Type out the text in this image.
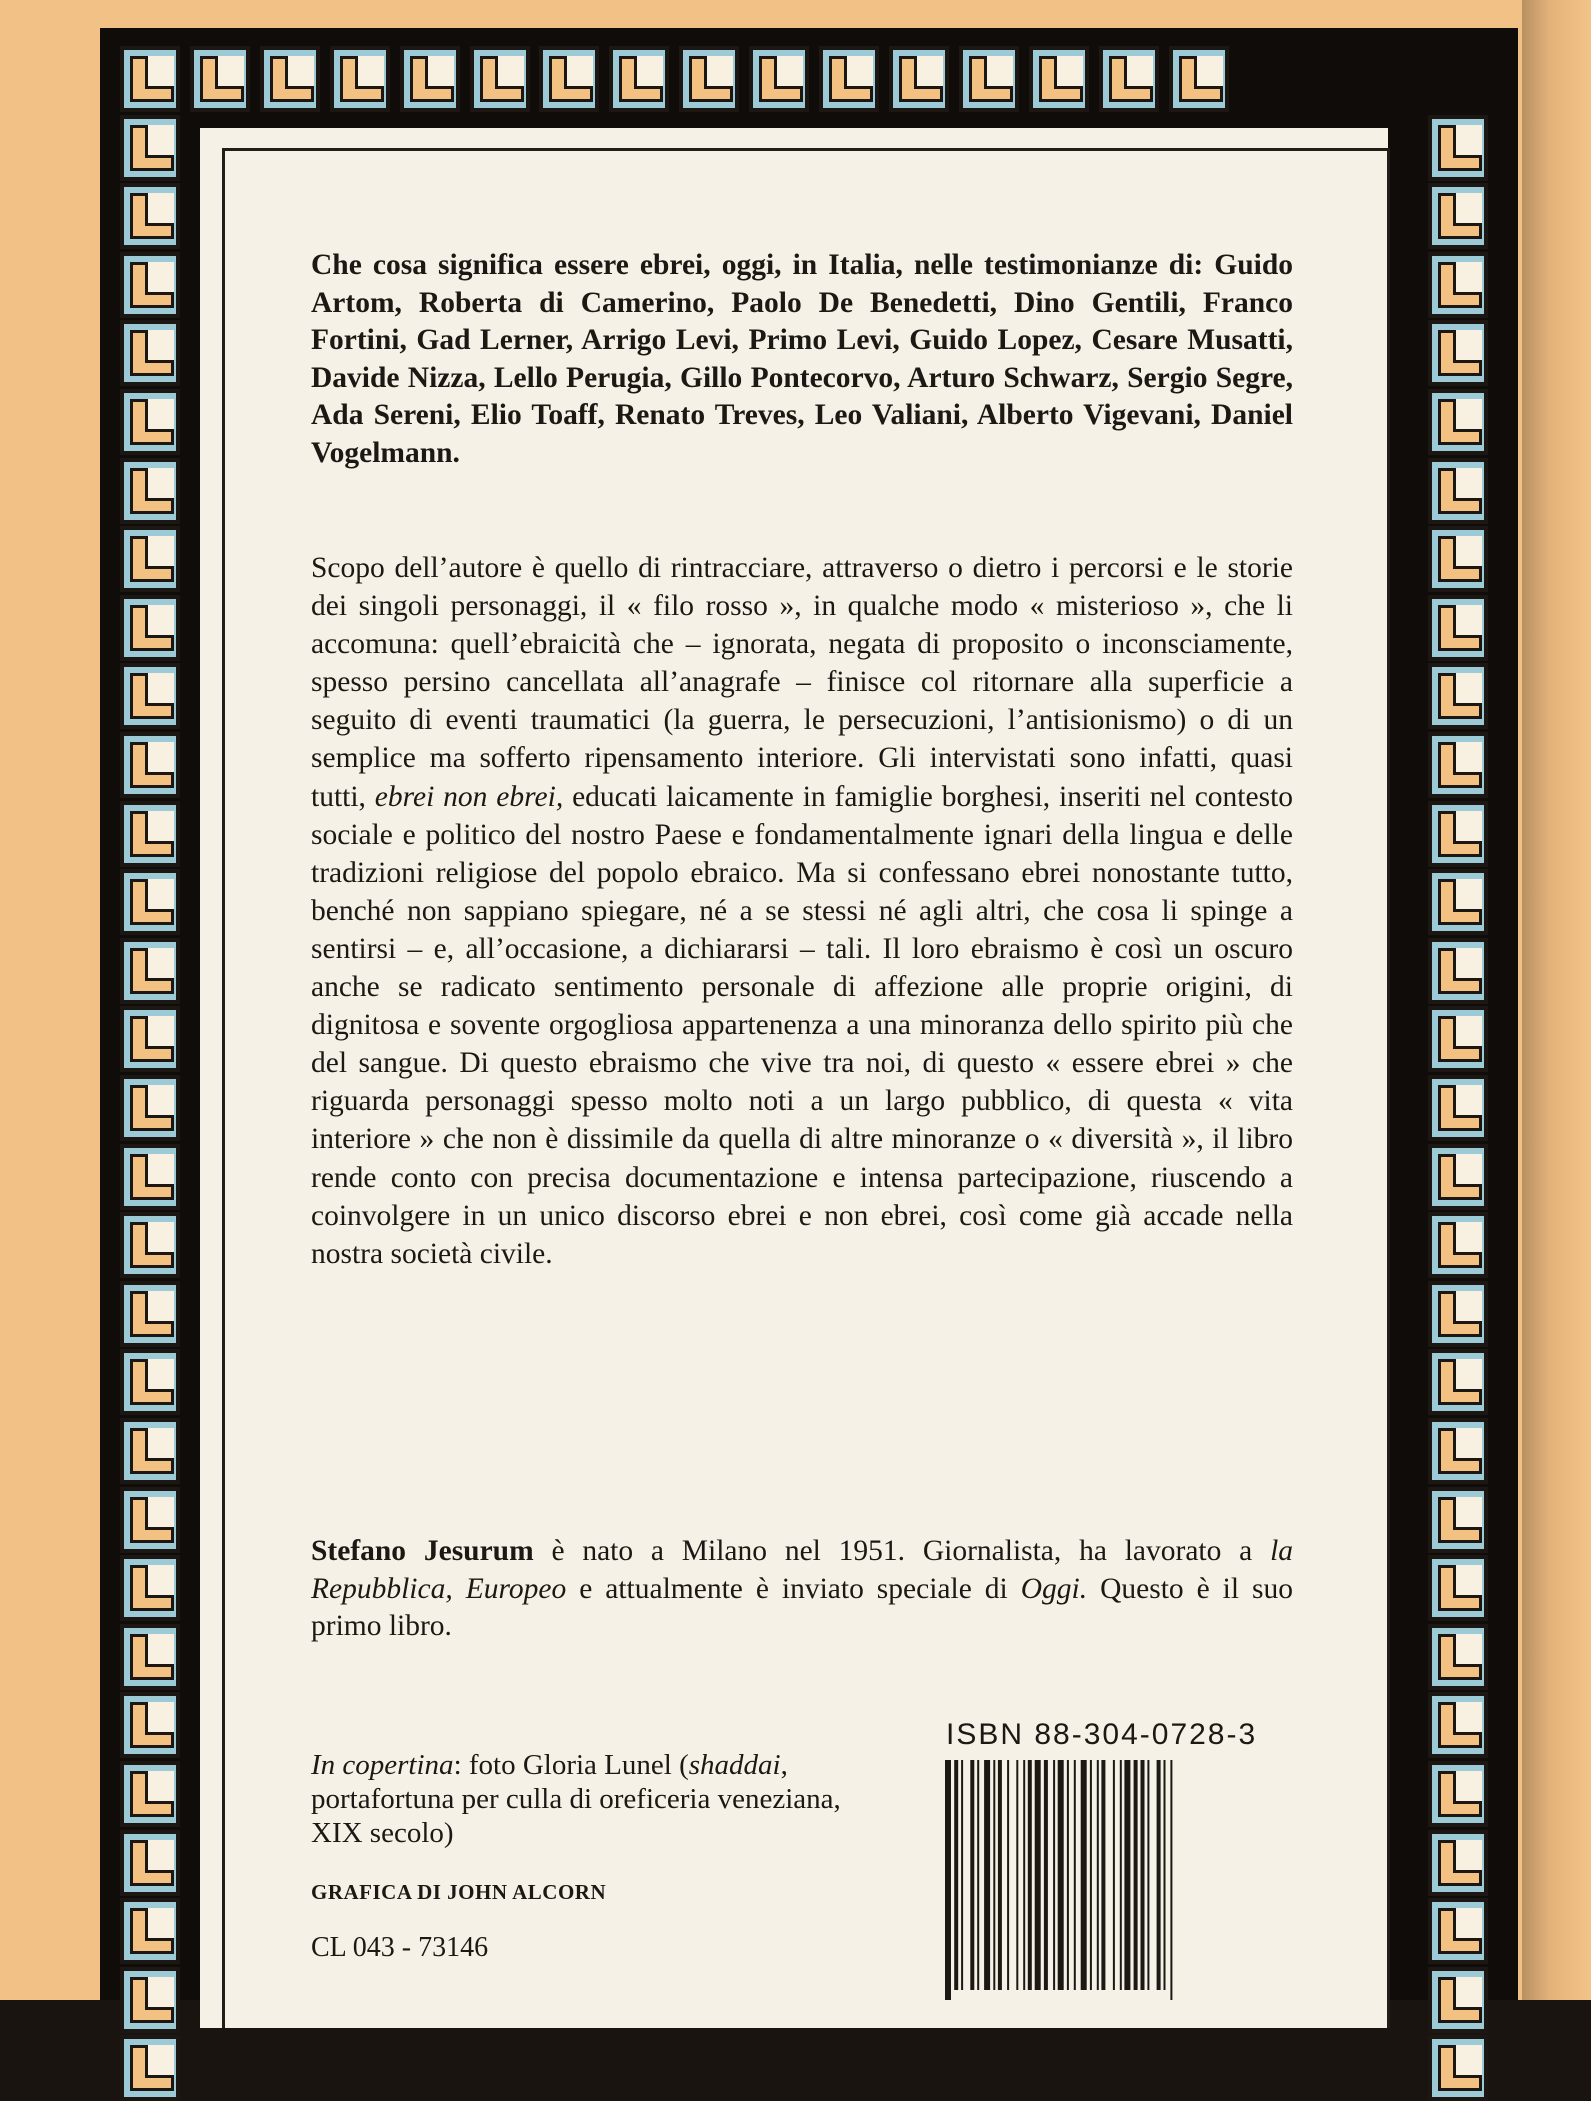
Che cosa significa essere ebrei, oggi, in Italia, nelle testimonianze di: Guido Artom, Roberta di Camerino, Paolo De Benedetti, Dino Gentili, Franco Fortini, Gad Lerner, Arrigo Levi, Primo Levi, Guido Lopez, Cesare Musatti, Davide Nizza, Lello Perugia, Gillo Pontecorvo, Arturo Schwarz, Sergio Segre, Ada Sereni, Elio Toaff, Renato Treves, Leo Valiani, Alberto Vigevani, Daniel Vogelmann.

Scopo dell’autore è quello di rintracciare, attraverso o dietro i percorsi e le storie dei singoli personaggi, il « filo rosso », in qualche modo « misterioso », che li accomuna: quell’ebraicità che – ignorata, negata di proposito o inconsciamente, spesso persino cancellata all’anagrafe – finisce col ritornare alla superficie a seguito di eventi traumatici (la guerra, le persecuzioni, l’antisionismo) o di un semplice ma sofferto ripensamento interiore. Gli intervistati sono infatti, quasi tutti, ebrei non ebrei, educati laicamente in famiglie borghesi, inseriti nel contesto sociale e politico del nostro Paese e fondamentalmente ignari della lingua e delle tradizioni religiose del popolo ebraico. Ma si confessano ebrei nonostante tutto, benché non sappiano spiegare, né a se stessi né agli altri, che cosa li spinge a sentirsi – e, all’occasione, a dichiararsi – tali. Il loro ebraismo è così un oscuro anche se radicato sentimento personale di affezione alle proprie origini, di dignitosa e sovente orgogliosa appartenenza a una minoranza dello spirito più che del sangue. Di questo ebraismo che vive tra noi, di questo « essere ebrei » che riguarda personaggi spesso molto noti a un largo pubblico, di questa « vita interiore » che non è dissimile da quella di altre minoranze o « diversità », il libro rende conto con precisa documentazione e intensa partecipazione, riuscendo a coinvolgere in un unico discorso ebrei e non ebrei, così come già accade nella nostra società civile.

Stefano Jesurum è nato a Milano nel 1951. Giornalista, ha lavorato a la Repubblica, Europeo e attualmente è inviato speciale di Oggi. Questo è il suo primo libro.

In copertina: foto Gloria Lunel (shaddai, portafortuna per culla di oreficeria veneziana, XIX secolo)

GRAFICA DI JOHN ALCORN
CL 043 - 73146
ISBN 88-304-0728-3
